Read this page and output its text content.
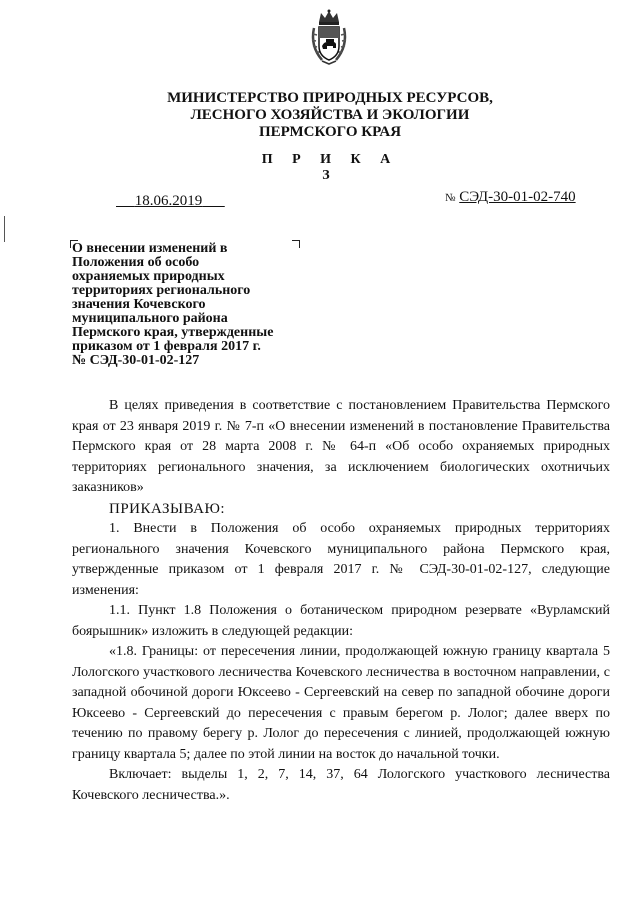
МИНИСТЕРСТВО ПРИРОДНЫХ РЕСУРСОВ,
ЛЕСНОГО ХОЗЯЙСТВА И ЭКОЛОГИИ
ПЕРМСКОГО КРАЯ
П Р И К А З
18.06.2019	№ СЭД-30-01-02-740
О внесении изменений в
Положения об особо
охраняемых природных
территориях регионального
значения Кочевского
муниципального района
Пермского края, утвержденные
приказом от 1 февраля 2017 г.
№ СЭД-30-01-02-127

В целях приведения в соответствие с постановлением Правительства Пермского края от 23 января 2019 г. № 7-п «О внесении изменений в постановление Правительства Пермского края от 28 марта 2008 г. № 64-п «Об особо охраняемых природных территориях регионального значения, за исключением биологических охотничьих заказников»

ПРИКАЗЫВАЮ:

1. Внести в Положения об особо охраняемых природных территориях регионального значения Кочевского муниципального района Пермского края, утвержденные приказом от 1 февраля 2017 г. № СЭД-30-01-02-127, следующие изменения:

1.1. Пункт 1.8 Положения о ботаническом природном резервате «Вурламский боярышник» изложить в следующей редакции:

«1.8. Границы: от пересечения линии, продолжающей южную границу квартала 5 Лологского участкового лесничества Кочевского лесничества в восточном направлении, с западной обочиной дороги Юксеево - Сергеевский на север по западной обочине дороги Юксеево - Сергеевский до пересечения с правым берегом р. Лолог; далее вверх по течению по правому берегу р. Лолог до пересечения с линией, продолжающей южную границу квартала 5; далее по этой линии на восток до начальной точки.

Включает: выделы 1, 2, 7, 14, 37, 64 Лологского участкового лесничества Кочевского лесничества.».
